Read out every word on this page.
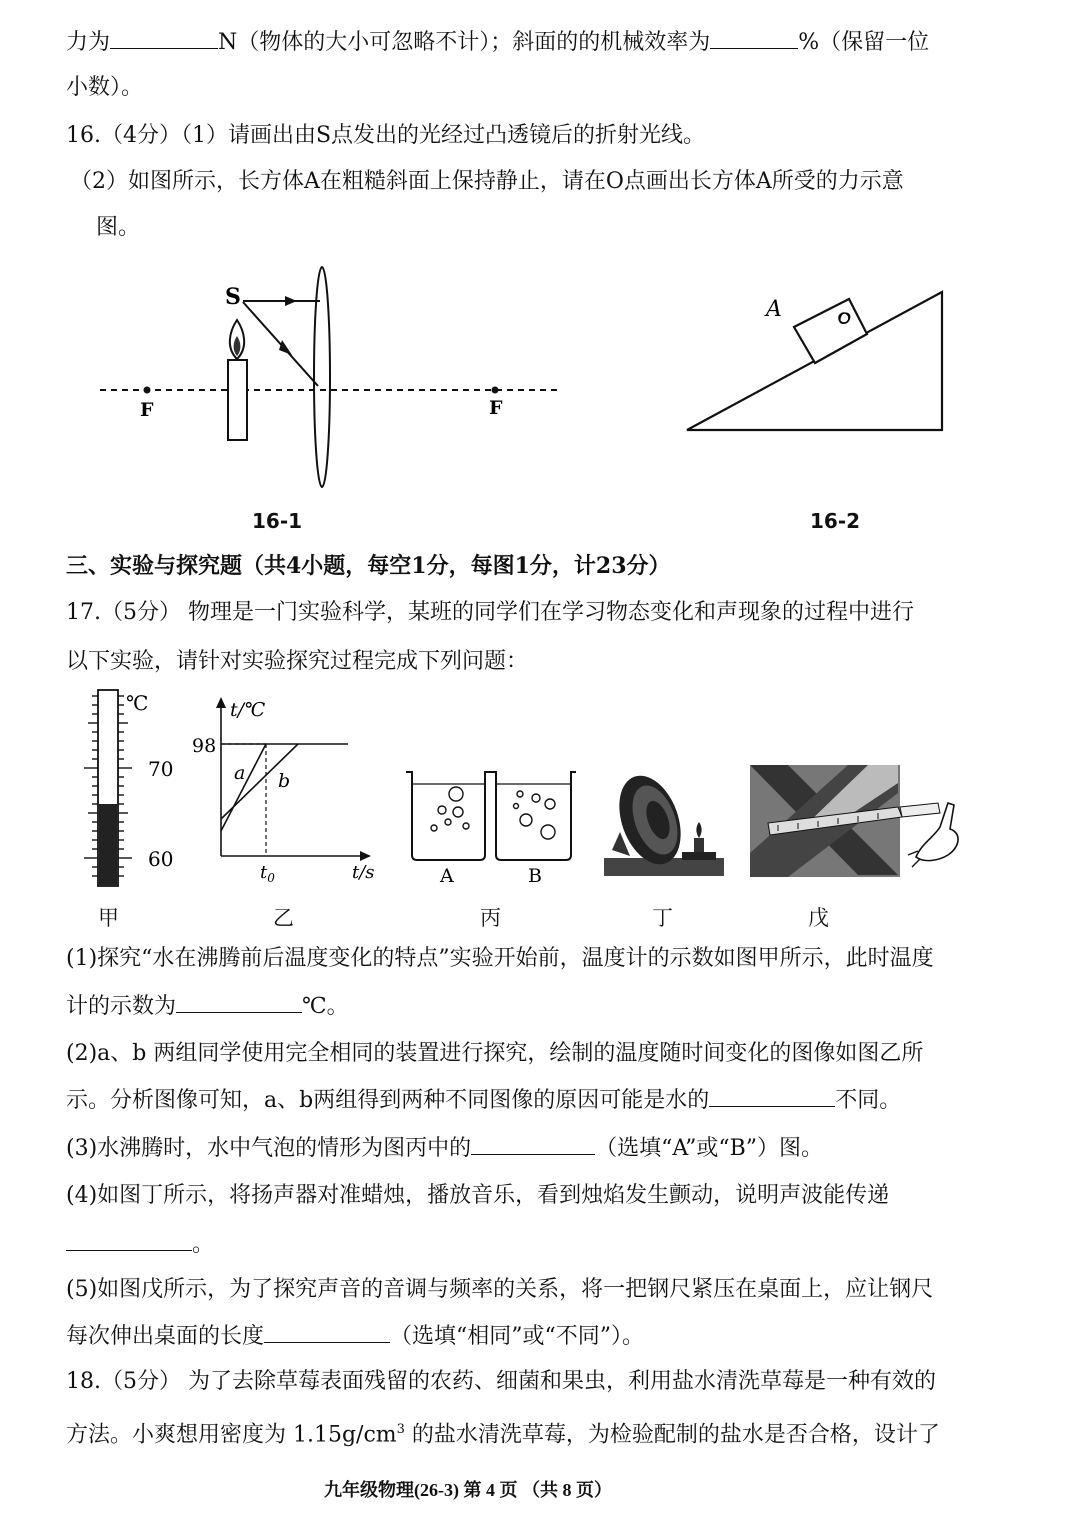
力为	N（物体的大小可忽略不计）；斜面的的机械效率为	%（保留一位
小数）。
16.（4分）（1）请画出由S点发出的光经过凸透镜后的折射光线。
（2）如图所示，长方体A在粗糙斜面上保持静止，请在O点画出长方体A所受的力示意
图。
S
F	F
A	O
16-1	16-2
三、实验与探究题（共4小题，每空1分，每图1分，计23分）
17.（5分） 物理是一门实验科学，某班的同学们在学习物态变化和声现象的过程中进行
以下实验，请针对实验探究过程完成下列问题：
℃
70
60
t/℃
98
a b
$t_0$	t/s	A	B
甲	乙	丙	丁	戊
(1)探究“水在沸腾前后温度变化的特点”实验开始前，温度计的示数如图甲所示，此时温度
计的示数为	℃。
(2)a、b 两组同学使用完全相同的装置进行探究，绘制的温度随时间变化的图像如图乙所
示。分析图像可知，a、b两组得到两种不同图像的原因可能是水的	不同。
(3)水沸腾时，水中气泡的情形为图丙中的	（选填“A”或“B”）图。
(4)如图丁所示，将扬声器对准蜡烛，播放音乐，看到烛焰发生颤动，说明声波能传递
。
(5)如图戊所示，为了探究声音的音调与频率的关系，将一把钢尺紧压在桌面上，应让钢尺
每次伸出桌面的长度	（选填“相同”或“不同”）。
18.（5分） 为了去除草莓表面残留的农药、细菌和果虫，利用盐水清洗草莓是一种有效的
方法。小爽想用密度为 $1.15g/cm^3$ 的盐水清洗草莓，为检验配制的盐水是否合格，设计了
九年级物理(26-3) 第 4 页 （共 8 页）
